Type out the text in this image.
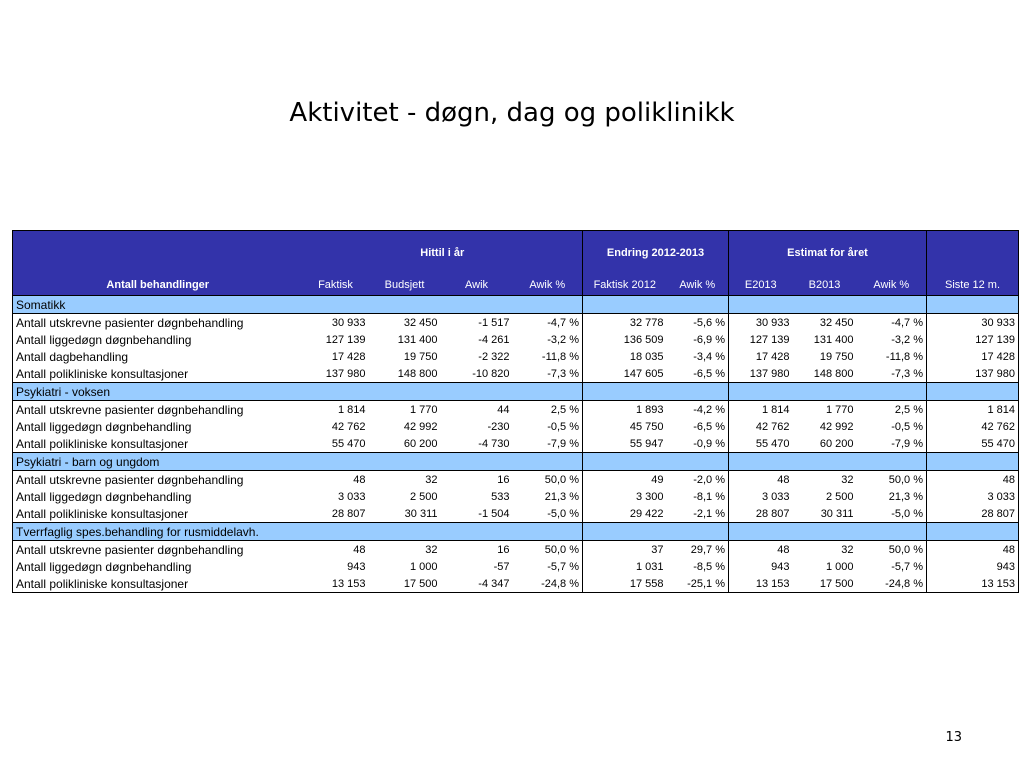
Aktivitet - døgn, dag og poliklinikk
	Hittil i år				Endring 2012-2013		Estimat for året			
Antall behandlinger	Faktisk	Budsjett	Awik	Awik %	Faktisk 2012	Awik %	E2013	B2013	Awik %	Siste 12 m.
Somatikk										
Antall utskrevne pasienter døgnbehandling	30 933	32 450	-1 517	-4,7 %	32 778	-5,6 %	30 933	32 450	-4,7 %	30 933
Antall liggedøgn døgnbehandling	127 139	131 400	-4 261	-3,2 %	136 509	-6,9 %	127 139	131 400	-3,2 %	127 139
Antall dagbehandling	17 428	19 750	-2 322	-11,8 %	18 035	-3,4 %	17 428	19 750	-11,8 %	17 428
Antall polikliniske konsultasjoner	137 980	148 800	-10 820	-7,3 %	147 605	-6,5 %	137 980	148 800	-7,3 %	137 980
Psykiatri - voksen										
Antall utskrevne pasienter døgnbehandling	1 814	1 770	44	2,5 %	1 893	-4,2 %	1 814	1 770	2,5 %	1 814
Antall liggedøgn døgnbehandling	42 762	42 992	-230	-0,5 %	45 750	-6,5 %	42 762	42 992	-0,5 %	42 762
Antall polikliniske konsultasjoner	55 470	60 200	-4 730	-7,9 %	55 947	-0,9 %	55 470	60 200	-7,9 %	55 470
Psykiatri - barn og ungdom										
Antall utskrevne pasienter døgnbehandling	48	32	16	50,0 %	49	-2,0 %	48	32	50,0 %	48
Antall liggedøgn døgnbehandling	3 033	2 500	533	21,3 %	3 300	-8,1 %	3 033	2 500	21,3 %	3 033
Antall polikliniske konsultasjoner	28 807	30 311	-1 504	-5,0 %	29 422	-2,1 %	28 807	30 311	-5,0 %	28 807
Tverrfaglig spes.behandling for rusmiddelavh.										
Antall utskrevne pasienter døgnbehandling	48	32	16	50,0 %	37	29,7 %	48	32	50,0 %	48
Antall liggedøgn døgnbehandling	943	1 000	-57	-5,7 %	1 031	-8,5 %	943	1 000	-5,7 %	943
Antall polikliniske konsultasjoner	13 153	17 500	-4 347	-24,8 %	17 558	-25,1 %	13 153	17 500	-24,8 %	13 153
13
